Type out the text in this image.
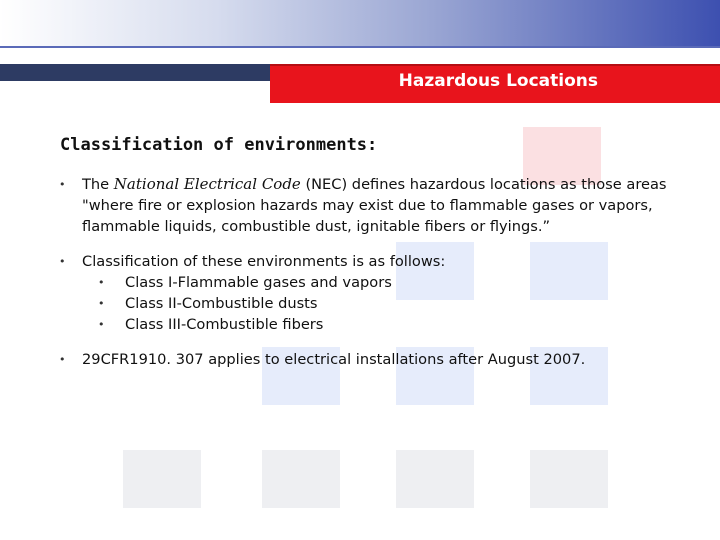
Hazardous Locations
Classification of environments:
• The National Electrical Code (NEC) defines hazardous locations as those areas "where fire or explosion hazards may exist due to flammable gases or vapors, flammable liquids, combustible dust, ignitable fibers or flyings.”
• Classification of these environments is as follows:
• Class I-Flammable gases and vapors
• Class II-Combustible dusts
• Class III-Combustible fibers
• 29CFR1910. 307 applies to electrical installations after August 2007.
